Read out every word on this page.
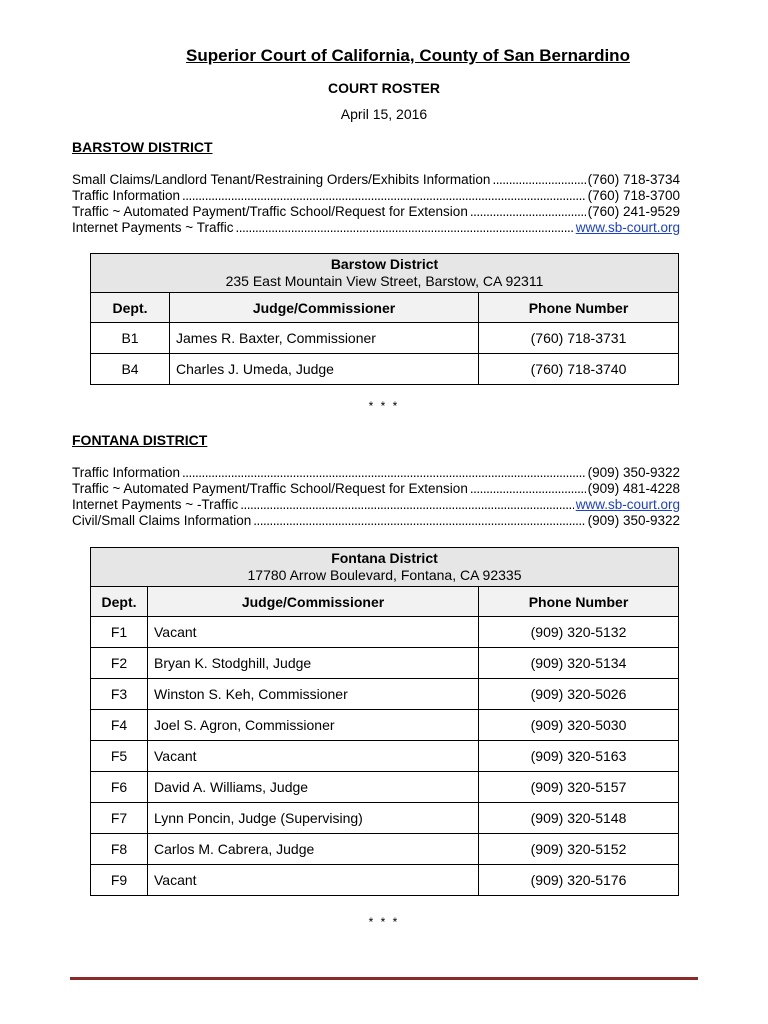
Superior Court of California, County of San Bernardino
COURT ROSTER
April 15, 2016
BARSTOW DISTRICT
Small Claims/Landlord Tenant/Restraining Orders/Exhibits Information .....	(760) 718-3734
Traffic Information .....	(760) 718-3700
Traffic ~ Automated Payment/Traffic School/Request for Extension .....	(760) 241-9529
Internet Payments ~ Traffic .....	www.sb-court.org
Barstow District
235 East Mountain View Street, Barstow, CA 92311		

Dept.	Judge/Commissioner	Phone Number
B1	James R. Baxter, Commissioner	(760) 718-3731
B4	Charles J. Umeda, Judge	(760) 718-3740
* * *
FONTANA DISTRICT
Traffic Information .....	(909) 350-9322
Traffic ~ Automated Payment/Traffic School/Request for Extension .....	(909) 481-4228
Internet Payments ~ -Traffic .....	www.sb-court.org
Civil/Small Claims Information .....	(909) 350-9322
Fontana District
17780 Arrow Boulevard, Fontana, CA 92335		

Dept.	Judge/Commissioner	Phone Number
F1	Vacant	(909) 320-5132
F2	Bryan K. Stodghill, Judge	(909) 320-5134
F3	Winston S. Keh, Commissioner	(909) 320-5026
F4	Joel S. Agron, Commissioner	(909) 320-5030
F5	Vacant	(909) 320-5163
F6	David A. Williams, Judge	(909) 320-5157
F7	Lynn Poncin, Judge (Supervising)	(909) 320-5148
F8	Carlos M. Cabrera, Judge	(909) 320-5152
F9	Vacant	(909) 320-5176
* * *
